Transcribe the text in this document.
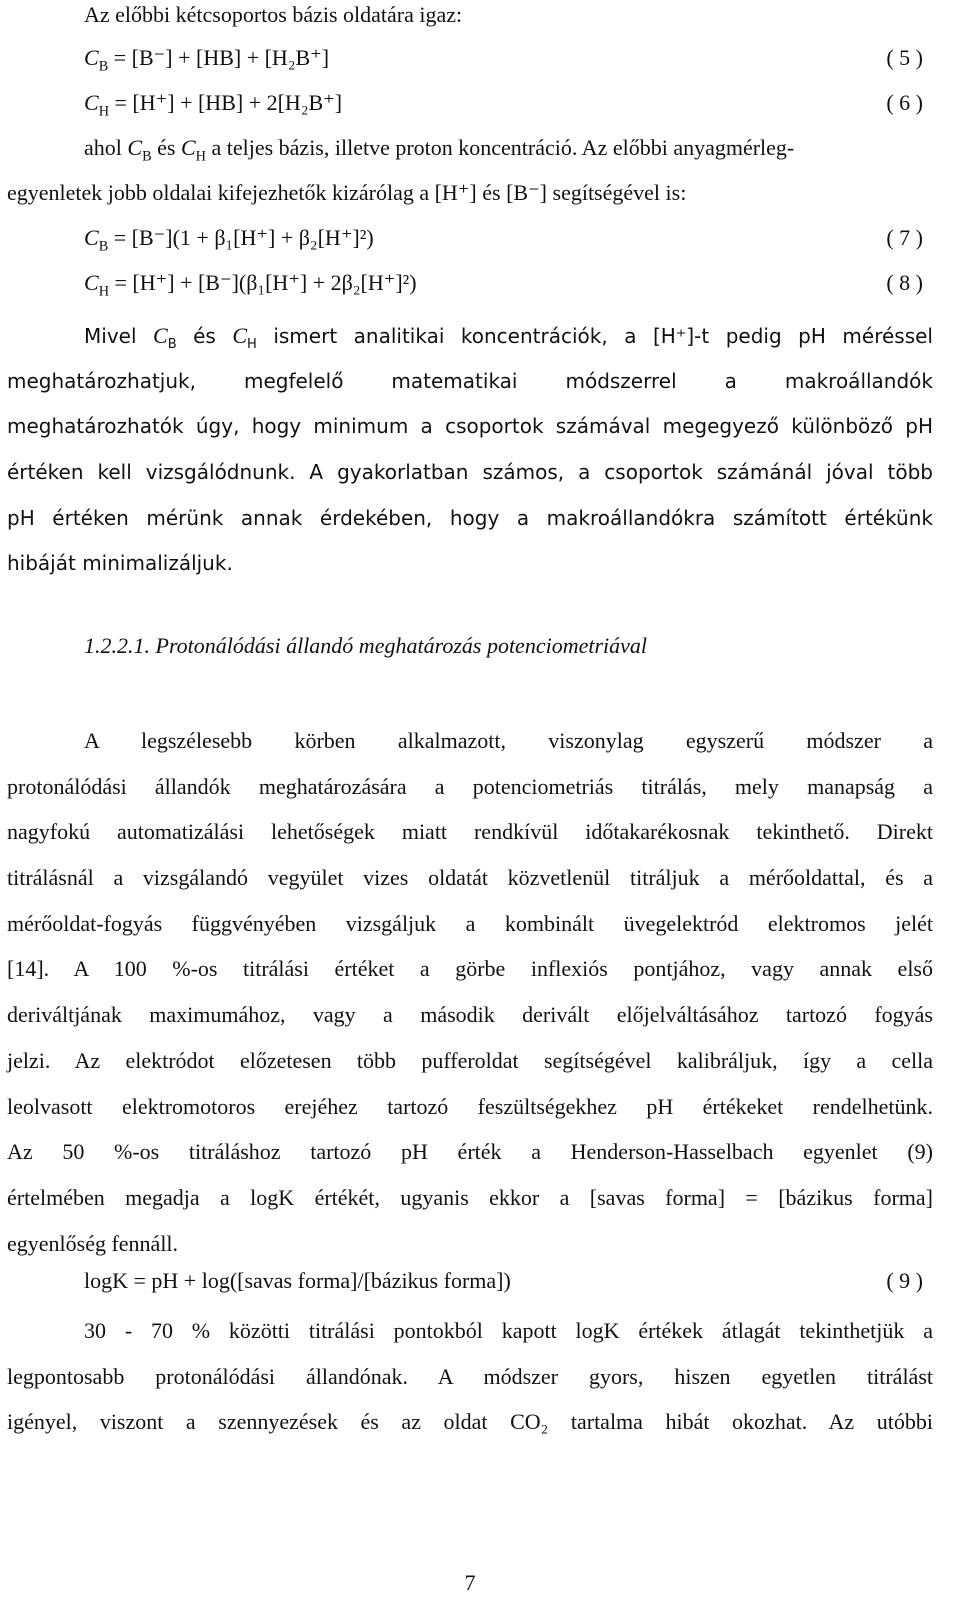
Az előbbi kétcsoportos bázis oldatára igaz:
$C_B = [B^-] + [HB] + [H_2B^+]$	( 5 )
$C_H = [H^+] + [HB] + 2[H_2B^+]$	( 6 )
ahol $C_B$ és $C_H$ a teljes bázis, illetve proton koncentráció. Az előbbi anyagmérleg-
egyenletek jobb oldalai kifejezhetők kizárólag a [H⁺] és [B⁻] segítségével is:
$C_B = [B^-](1 + \beta_1[H^+] + \beta_2[H^+]^2)$	( 7 )
$C_H = [H^+] + [B^-](\beta_1[H^+] + 2\beta_2[H^+]^2)$	( 8 )
Mivel $C_B$ és $C_H$ ismert analitikai koncentrációk, a [H⁺]-t pedig pH méréssel
meghatározhatjuk, megfelelő matematikai módszerrel a makroállandók
meghatározhatók úgy, hogy minimum a csoportok számával megegyező különböző pH
értéken kell vizsgálódnunk. A gyakorlatban számos, a csoportok számánál jóval több
pH értéken mérünk annak érdekében, hogy a makroállandókra számított értékünk
hibáját minimalizáljuk.
1.2.2.1. Protonálódási állandó meghatározás potenciometriával
A legszélesebb körben alkalmazott, viszonylag egyszerű módszer a
protonálódási állandók meghatározására a potenciometriás titrálás, mely manapság a
nagyfokú automatizálási lehetőségek miatt rendkívül időtakarékosnak tekinthető. Direkt
titrálásnál a vizsgálandó vegyület vizes oldatát közvetlenül titráljuk a mérőoldattal, és a
mérőoldat-fogyás függvényében vizsgáljuk a kombinált üvegelektród elektromos jelét
[14]. A 100 %-os titrálási értéket a görbe inflexiós pontjához, vagy annak első
deriváltjának maximumához, vagy a második derivált előjelváltásához tartozó fogyás
jelzi. Az elektródot előzetesen több pufferoldat segítségével kalibráljuk, így a cella
leolvasott elektromotoros erejéhez tartozó feszültségekhez pH értékeket rendelhetünk.
Az 50 %-os titráláshoz tartozó pH érték a Henderson-Hasselbach egyenlet (9)
értelmében megadja a logK értékét, ugyanis ekkor a [savas forma] = [bázikus forma]
egyenlőség fennáll.
logK = pH + log([savas forma]/[bázikus forma])	( 9 )
30 - 70 % közötti titrálási pontokból kapott logK értékek átlagát tekinthetjük a
legpontosabb protonálódási állandónak. A módszer gyors, hiszen egyetlen titrálást
igényel, viszont a szennyezések és az oldat CO₂ tartalma hibát okozhat. Az utóbbi
7
